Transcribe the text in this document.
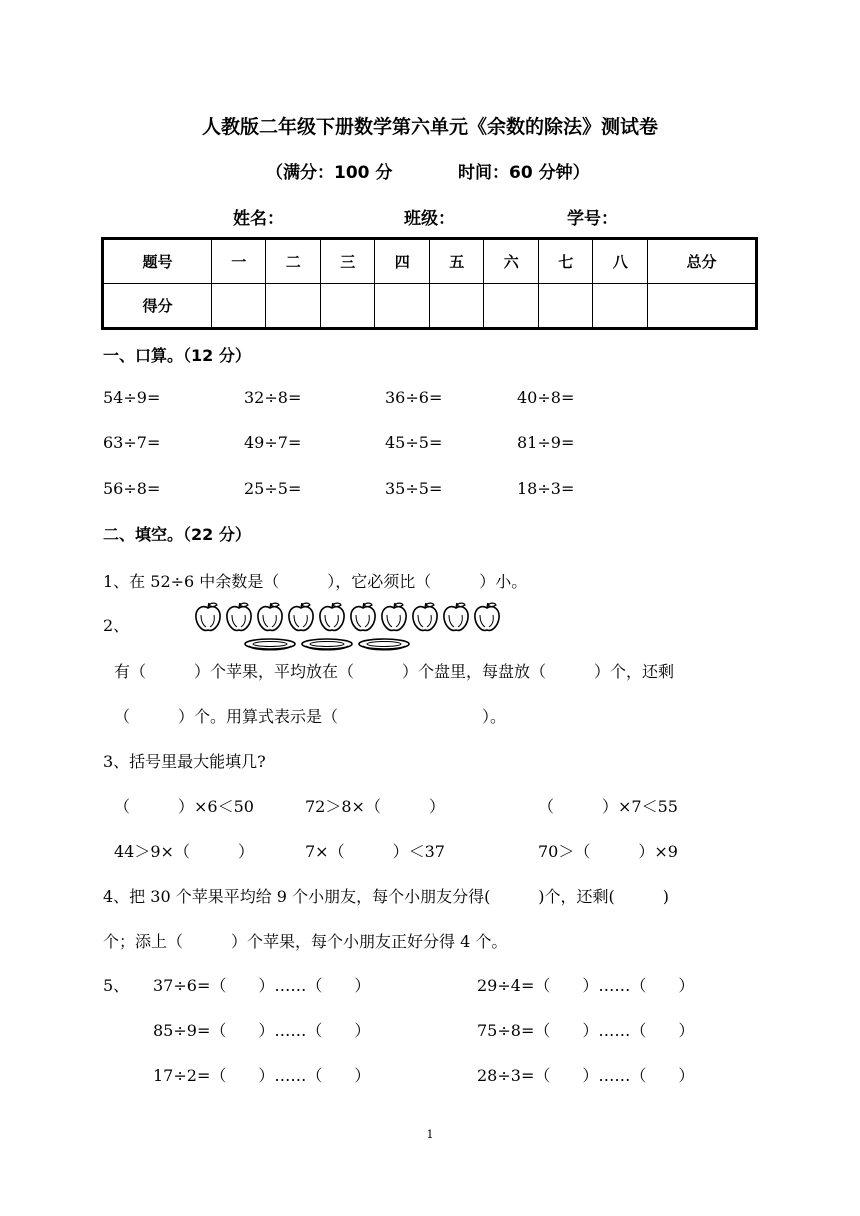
人教版二年级下册数学第六单元《余数的除法》测试卷
（满分：100 分	时间：60 分钟）
姓名：	班级：	学号：
题号	一	二	三	四	五	六	七	八	总分
得分									
一、口算。（12 分）
54÷9=	32÷8=	36÷6=	40÷8=
63÷7=	49÷7=	45÷5=	81÷9=
56÷8=	25÷5=	35÷5=	18÷3=
二、填空。（22 分）
1、在 52÷6 中余数是（　　　），它必须比（　　　）小。
2、
有（　　　）个苹果，平均放在（　　　）个盘里，每盘放（　　　）个，还剩
（　　　）个。用算式表示是（　　　　　　　　　）。
3、括号里最大能填几?
（　　　）×6＜50	72＞8×（　　　）	（　　　）×7＜55
44＞9×（　　　）	7×（　　　）＜37	70＞（　　　）×9
4、把 30 个苹果平均给 9 个小朋友，每个小朋友分得(　　　)个，还剩(　　　)
个；添上（　　　）个苹果，每个小朋友正好分得 4 个。
5、 37÷6=（　　）……（　　）	29÷4=（　　）……（　　）
85÷9=（　　）……（　　）	75÷8=（　　）……（　　）
17÷2=（　　）……（　　）	28÷3=（　　）……（　　）
1
